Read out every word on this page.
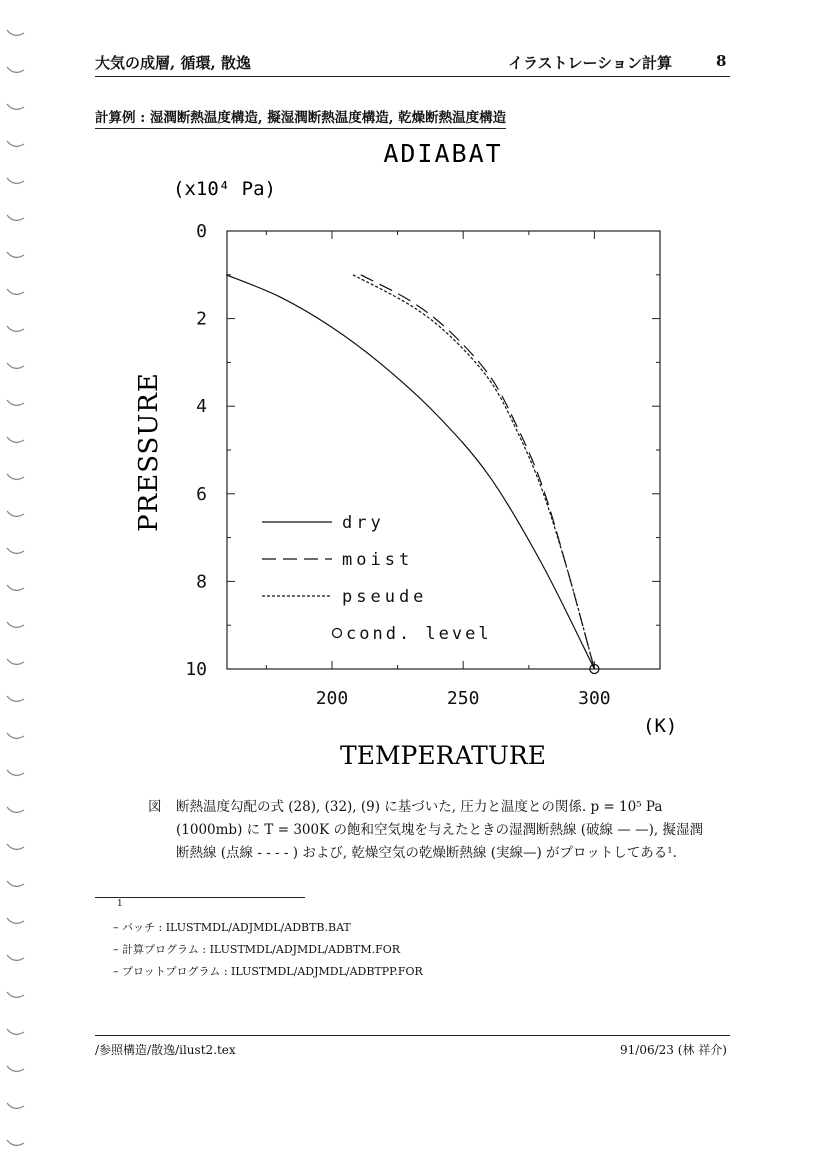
大気の成層, 循環, 散逸	イラストレーション計算	8
計算例 : 湿潤断熱温度構造, 擬湿潤断熱温度構造, 乾燥断熱温度構造
ADIABAT
(x10⁴ Pa)
PRESSURE
(K)
TEMPERATURE
0
2
4
6
8
10
200	250	300
dry
moist
pseude
cond. level
図 断熱温度勾配の式 (28), (32), (9) に基づいた, 圧力と温度との関係. p = 10⁵ Pa (1000mb) に T = 300K の飽和空気塊を与えたときの湿潤断熱線 (破線 — —), 擬湿潤断熱線 (点線 - - - - ) および, 乾燥空気の乾燥断熱線 (実線—) がプロットしてある¹.
1
– バッチ : ILUSTMDL/ADJMDL/ADBTB.BAT
– 計算プログラム : ILUSTMDL/ADJMDL/ADBTM.FOR
– プロットプログラム : ILUSTMDL/ADJMDL/ADBTPP.FOR
/参照構造/散逸/ilust2.tex	91/06/23 (林 祥介)
